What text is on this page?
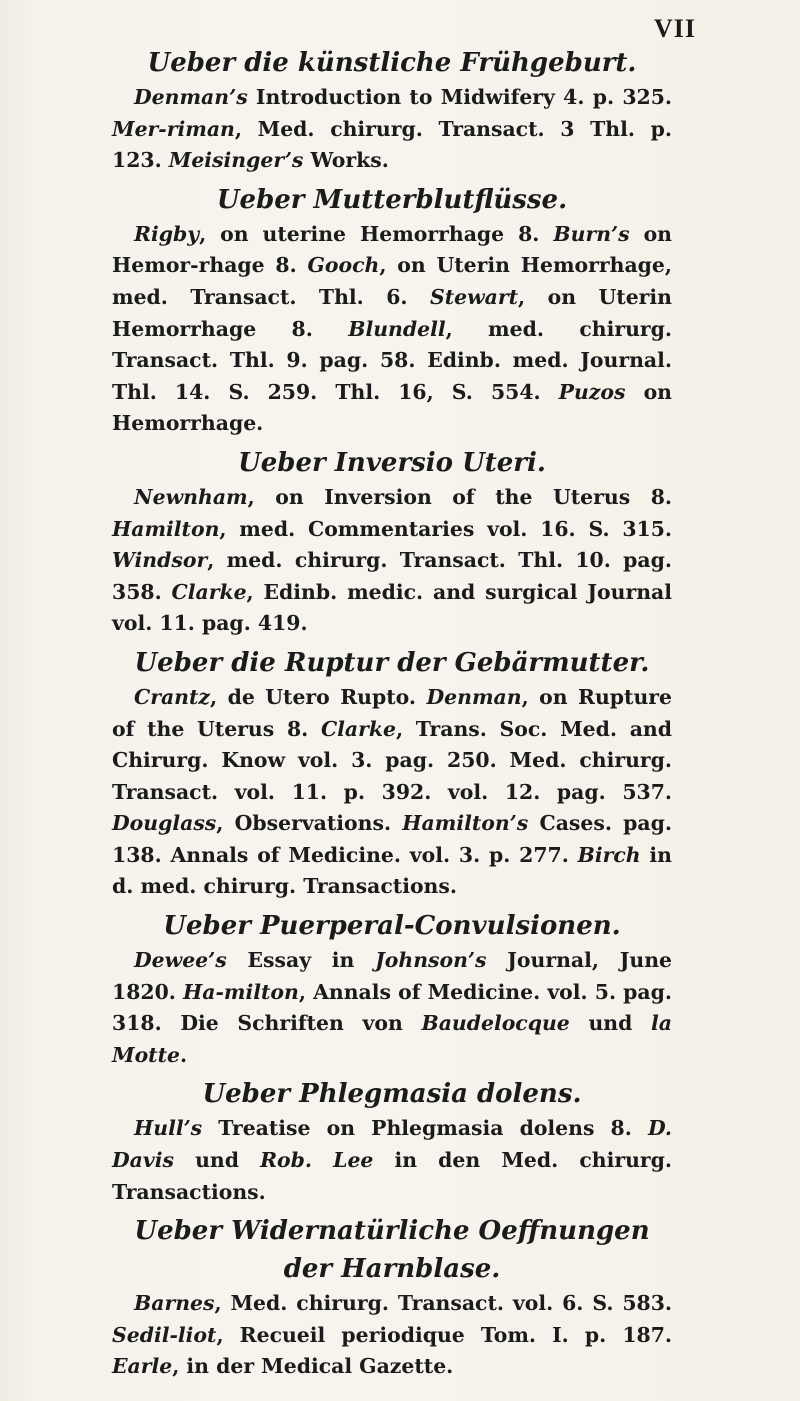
VII
Ueber die künstliche Frühgeburt.

Denman’s Introduction to Midwifery 4. p. 325. Mer-riman, Med. chirurg. Transact. 3 Thl. p. 123. Meisinger’s Works.

Ueber Mutterblutflüsse.

Rigby, on uterine Hemorrhage 8. Burn’s on Hemor-rhage 8. Gooch, on Uterin Hemorrhage, med. Transact. Thl. 6. Stewart, on Uterin Hemorrhage 8. Blundell, med. chirurg. Transact. Thl. 9. pag. 58. Edinb. med. Journal. Thl. 14. S. 259. Thl. 16, S. 554. Puzos on Hemorrhage.

Ueber Inversio Uteri.

Newnham, on Inversion of the Uterus 8. Hamilton, med. Commentaries vol. 16. S. 315. Windsor, med. chirurg. Transact. Thl. 10. pag. 358. Clarke, Edinb. medic. and surgical Journal vol. 11. pag. 419.

Ueber die Ruptur der Gebärmutter.

Crantz, de Utero Rupto. Denman, on Rupture of the Uterus 8. Clarke, Trans. Soc. Med. and Chirurg. Know vol. 3. pag. 250. Med. chirurg. Transact. vol. 11. p. 392. vol. 12. pag. 537. Douglass, Observations. Hamilton’s Cases. pag. 138. Annals of Medicine. vol. 3. p. 277. Birch in d. med. chirurg. Transactions.

Ueber Puerperal-Convulsionen.

Dewee’s Essay in Johnson’s Journal, June 1820. Ha-milton, Annals of Medicine. vol. 5. pag. 318. Die Schriften von Baudelocque und la Motte.

Ueber Phlegmasia dolens.

Hull’s Treatise on Phlegmasia dolens 8. D. Davis und Rob. Lee in den Med. chirurg. Transactions.

Ueber Widernatürliche Oeffnungen der Harnblase.

Barnes, Med. chirurg. Transact. vol. 6. S. 583. Sedil-liot, Recueil periodique Tom. I. p. 187. Earle, in der Medical Gazette.
